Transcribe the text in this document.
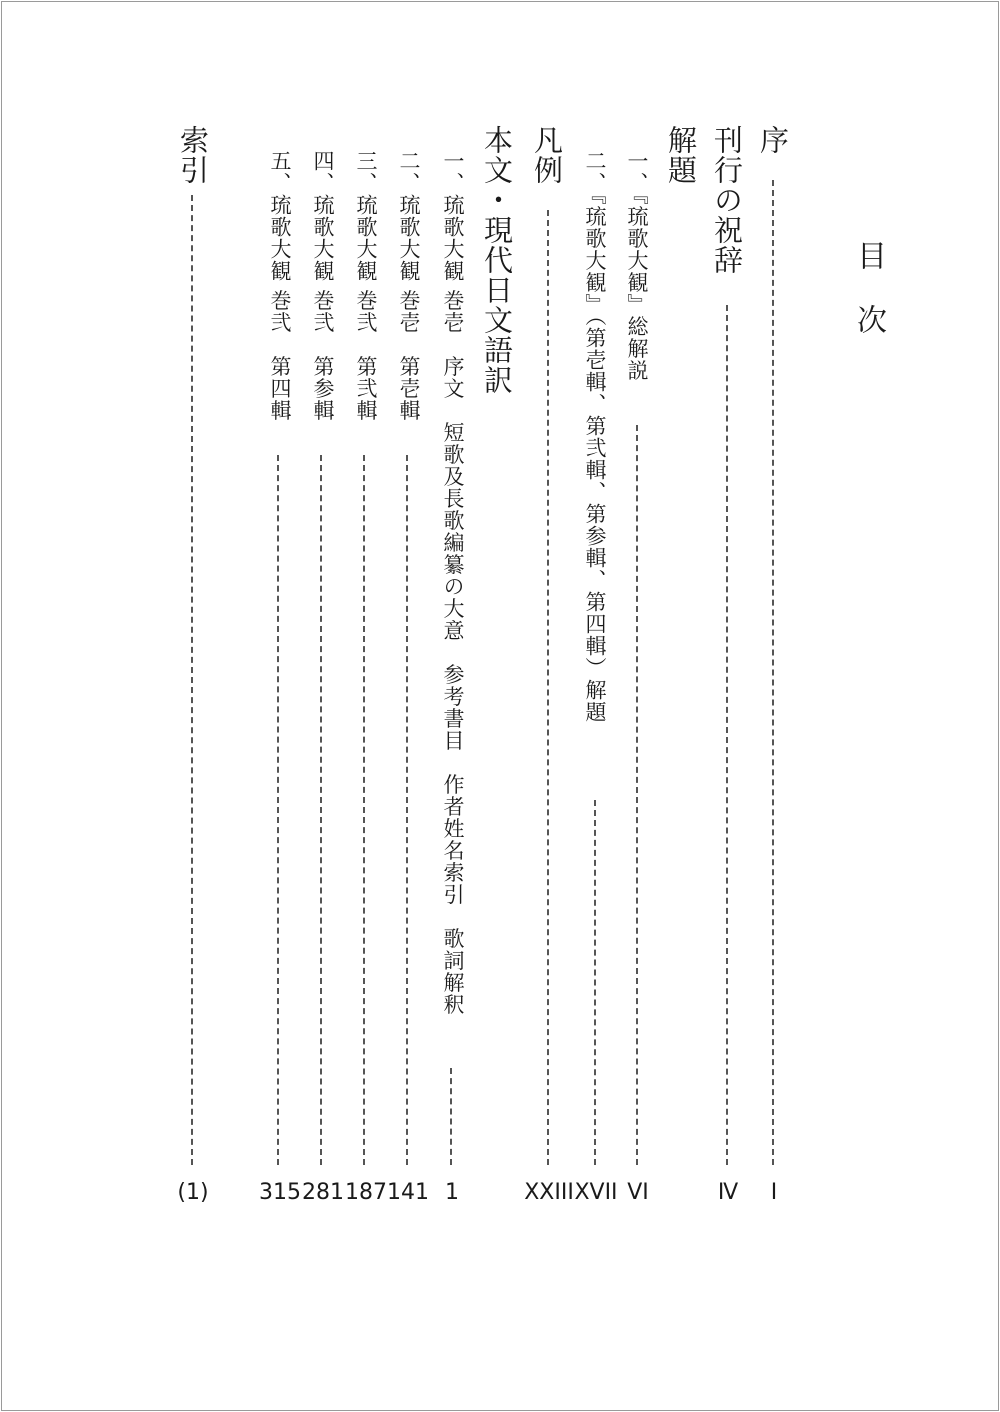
目　次
序
I
刊行の祝辞
Ⅳ
解題
一、『琉歌大観』総解説
VI
二、『琉歌大観』（第壱輯、第弐輯、第参輯、第四輯）解題
XVII
凡例
XXIII
本文・現代日文語訳
一、琉歌大観 巻壱　序文　短歌及長歌編纂の大意　参考書目　作者姓名索引　歌詞解釈
1
二、琉歌大観 巻壱　第壱輯
141
三、琉歌大観 巻弐　第弐輯
187
四、琉歌大観 巻弐　第参輯
281
五、琉歌大観 巻弐　第四輯
315
索引
(1)
